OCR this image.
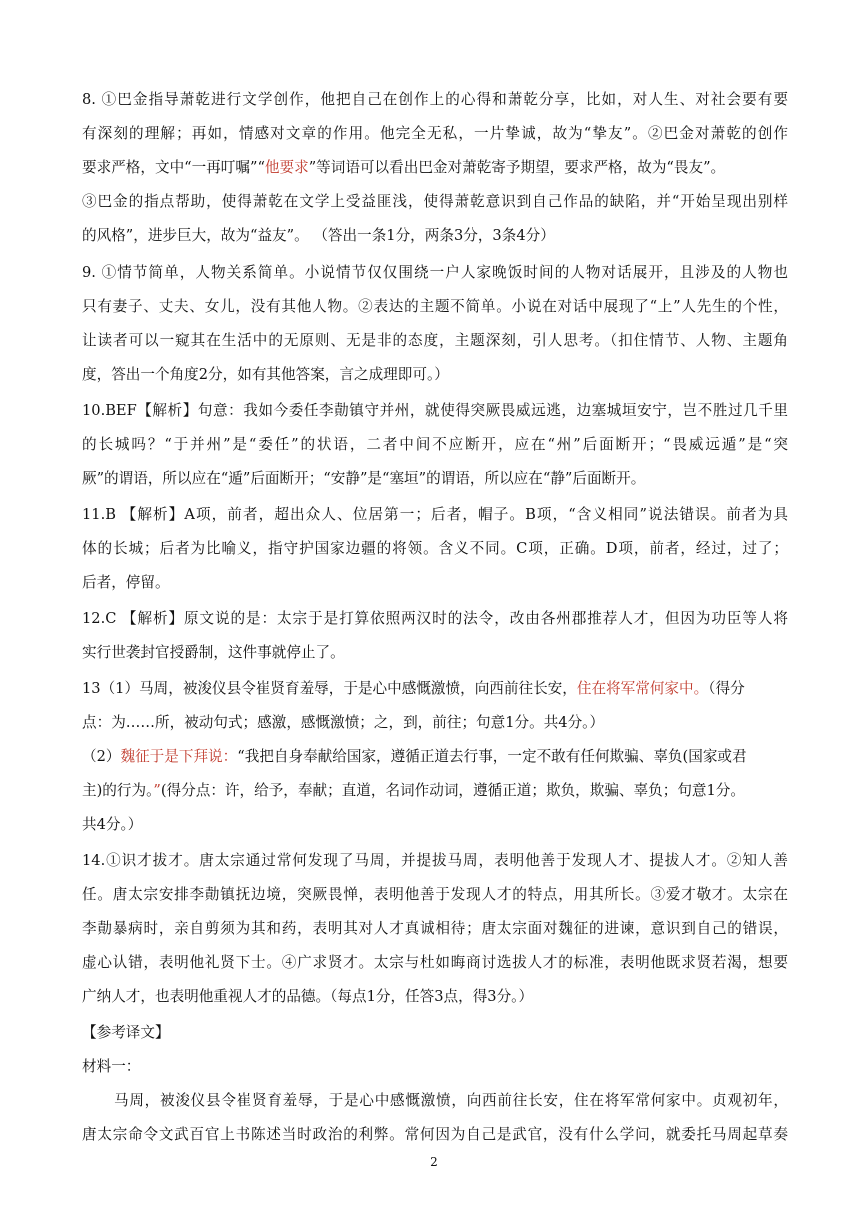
8. ①巴金指导萧乾进行文学创作，他把自己在创作上的心得和萧乾分享，比如，对人生、对社会要有要
有深刻的理解；再如，情感对文章的作用。他完全无私，一片挚诚，故为“挚友”。②巴金对萧乾的创作
要求严格，文中“一再叮嘱”“他要求”等词语可以看出巴金对萧乾寄予期望，要求严格，故为“畏友”。
③巴金的指点帮助，使得萧乾在文学上受益匪浅，使得萧乾意识到自己作品的缺陷，并“开始呈现出别样
的风格”，进步巨大，故为“益友”。 （答出一条1分，两条3分，3条4分）
9. ①情节简单，人物关系简单。小说情节仅仅围绕一户人家晚饭时间的人物对话展开，且涉及的人物也
只有妻子、丈夫、女儿，没有其他人物。②表达的主题不简单。小说在对话中展现了“上”人先生的个性，
让读者可以一窥其在生活中的无原则、无是非的态度，主题深刻，引人思考。（扣住情节、人物、主题角
度，答出一个角度2分，如有其他答案，言之成理即可。）
10.BEF【解析】句意：我如今委任李勣镇守并州，就使得突厥畏威远逃，边塞城垣安宁，岂不胜过几千里
的长城吗？“于并州”是“委任”的状语，二者中间不应断开，应在“州”后面断开；“畏威远遁”是“突
厥”的谓语，所以应在“遁”后面断开；“安静”是“塞垣”的谓语，所以应在“静”后面断开。
11.B 【解析】A项，前者，超出众人、位居第一；后者，帽子。B项，“含义相同”说法错误。前者为具
体的长城；后者为比喻义，指守护国家边疆的将领。含义不同。C项，正确。D项，前者，经过，过了；
后者，停留。
12.C 【解析】原文说的是：太宗于是打算依照两汉时的法令，改由各州郡推荐人才，但因为功臣等人将
实行世袭封官授爵制，这件事就停止了。
13（1）马周，被浚仪县令崔贤育羞辱，于是心中感慨激愤，向西前往长安，住在将军常何家中。（得分
点：为……所，被动句式；感激，感慨激愤；之，到，前往；句意1分。共4分。）
（2）魏征于是下拜说：“我把自身奉献给国家，遵循正道去行事，一定不敢有任何欺骗、辜负(国家或君
主)的行为。”(得分点：许，给予，奉献；直道，名词作动词，遵循正道；欺负，欺骗、辜负；句意1分。
共4分。）
14.①识才拔才。唐太宗通过常何发现了马周，并提拔马周，表明他善于发现人才、提拔人才。②知人善
任。唐太宗安排李勣镇抚边境，突厥畏惮，表明他善于发现人才的特点，用其所长。③爱才敬才。太宗在
李勣暴病时，亲自剪须为其和药，表明其对人才真诚相待；唐太宗面对魏征的进谏，意识到自己的错误，
虚心认错，表明他礼贤下士。④广求贤才。太宗与杜如晦商讨选拔人才的标准，表明他既求贤若渴，想要
广纳人才，也表明他重视人才的品德。（每点1分，任答3点，得3分。）
【参考译文】
材料一：
马周，被浚仪县令崔贤育羞辱，于是心中感慨激愤，向西前往长安，住在将军常何家中。贞观初年，
唐太宗命令文武百官上书陈述当时政治的利弊。常何因为自己是武官，没有什么学问，就委托马周起草奏
2
